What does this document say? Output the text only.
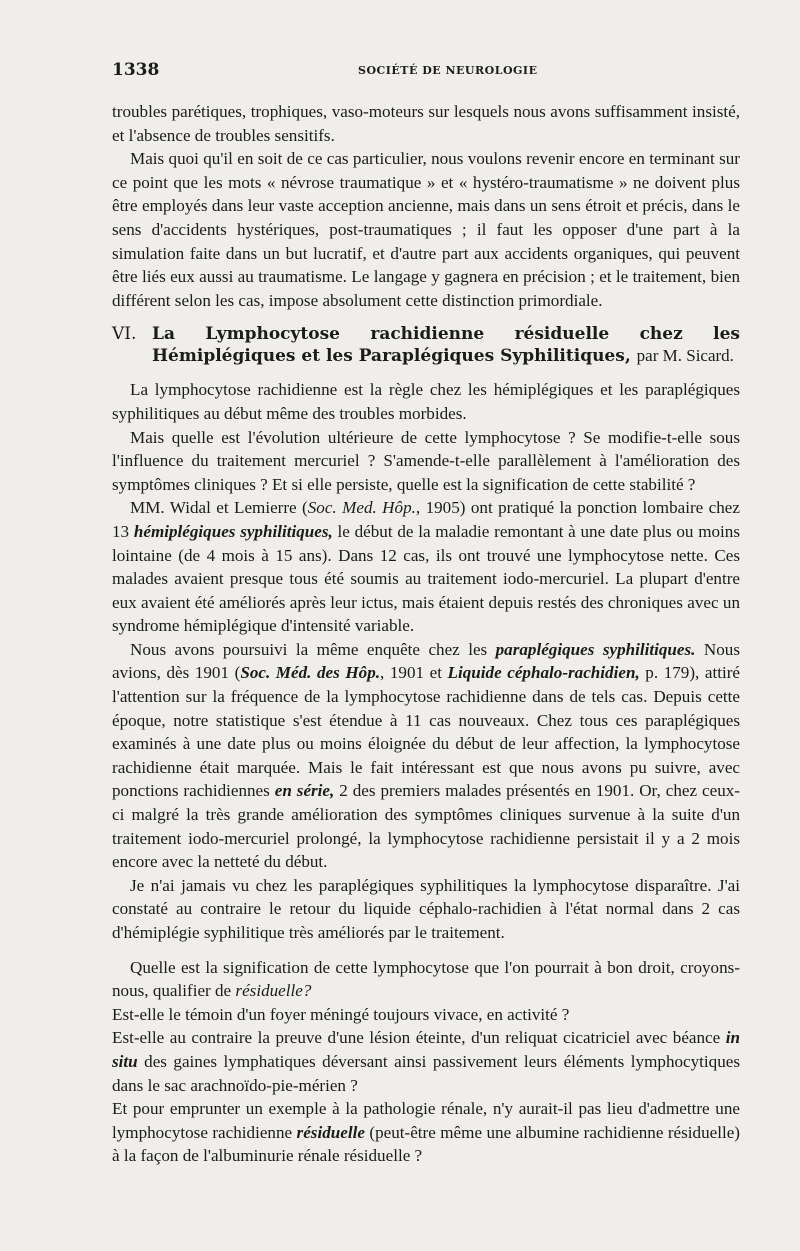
1338	SOCIÉTÉ DE NEUROLOGIE

troubles parétiques, trophiques, vaso-moteurs sur lesquels nous avons suffisamment insisté, et l'absence de troubles sensitifs.

Mais quoi qu'il en soit de ce cas particulier, nous voulons revenir encore en terminant sur ce point que les mots « névrose traumatique » et « hystéro-traumatisme » ne doivent plus être employés dans leur vaste acception ancienne, mais dans un sens étroit et précis, dans le sens d'accidents hystériques, post-traumatiques ; il faut les opposer d'une part à la simulation faite dans un but lucratif, et d'autre part aux accidents organiques, qui peuvent être liés eux aussi au traumatisme. Le langage y gagnera en précision ; et le traitement, bien différent selon les cas, impose absolument cette distinction primordiale.

VI. La Lymphocytose rachidienne résiduelle chez les Hémiplégiques et les Paraplégiques Syphilitiques, par M. Sicard.

La lymphocytose rachidienne est la règle chez les hémiplégiques et les paraplégiques syphilitiques au début même des troubles morbides.

Mais quelle est l'évolution ultérieure de cette lymphocytose ? Se modifie-t-elle sous l'influence du traitement mercuriel ? S'amende-t-elle parallèlement à l'amélioration des symptômes cliniques ? Et si elle persiste, quelle est la signification de cette stabilité ?

MM. Widal et Lemierre (Soc. Med. Hôp., 1905) ont pratiqué la ponction lombaire chez 13 hémiplégiques syphilitiques, le début de la maladie remontant à une date plus ou moins lointaine (de 4 mois à 15 ans). Dans 12 cas, ils ont trouvé une lymphocytose nette. Ces malades avaient presque tous été soumis au traitement iodo-mercuriel. La plupart d'entre eux avaient été améliorés après leur ictus, mais étaient depuis restés des chroniques avec un syndrome hémiplégique d'intensité variable.

Nous avons poursuivi la même enquête chez les paraplégiques syphilitiques. Nous avions, dès 1901 (Soc. Méd. des Hôp., 1901 et Liquide céphalo-rachidien, p. 179), attiré l'attention sur la fréquence de la lymphocytose rachidienne dans de tels cas. Depuis cette époque, notre statistique s'est étendue à 11 cas nouveaux. Chez tous ces paraplégiques examinés à une date plus ou moins éloignée du début de leur affection, la lymphocytose rachidienne était marquée. Mais le fait intéressant est que nous avons pu suivre, avec ponctions rachidiennes en série, 2 des premiers malades présentés en 1901. Or, chez ceux-ci malgré la très grande amélioration des symptômes cliniques survenue à la suite d'un traitement iodo-mercuriel prolongé, la lymphocytose rachidienne persistait il y a 2 mois encore avec la netteté du début.

Je n'ai jamais vu chez les paraplégiques syphilitiques la lymphocytose disparaître. J'ai constaté au contraire le retour du liquide céphalo-rachidien à l'état normal dans 2 cas d'hémiplégie syphilitique très améliorés par le traitement.

Quelle est la signification de cette lymphocytose que l'on pourrait à bon droit, croyons-nous, qualifier de résiduelle?

Est-elle le témoin d'un foyer méningé toujours vivace, en activité ?

Est-elle au contraire la preuve d'une lésion éteinte, d'un reliquat cicatriciel avec béance in situ des gaines lymphatiques déversant ainsi passivement leurs éléments lymphocytiques dans le sac arachnoïdo-pie-mérien ?

Et pour emprunter un exemple à la pathologie rénale, n'y aurait-il pas lieu d'admettre une lymphocytose rachidienne résiduelle (peut-être même une albumine rachidienne résiduelle) à la façon de l'albuminurie rénale résiduelle ?
